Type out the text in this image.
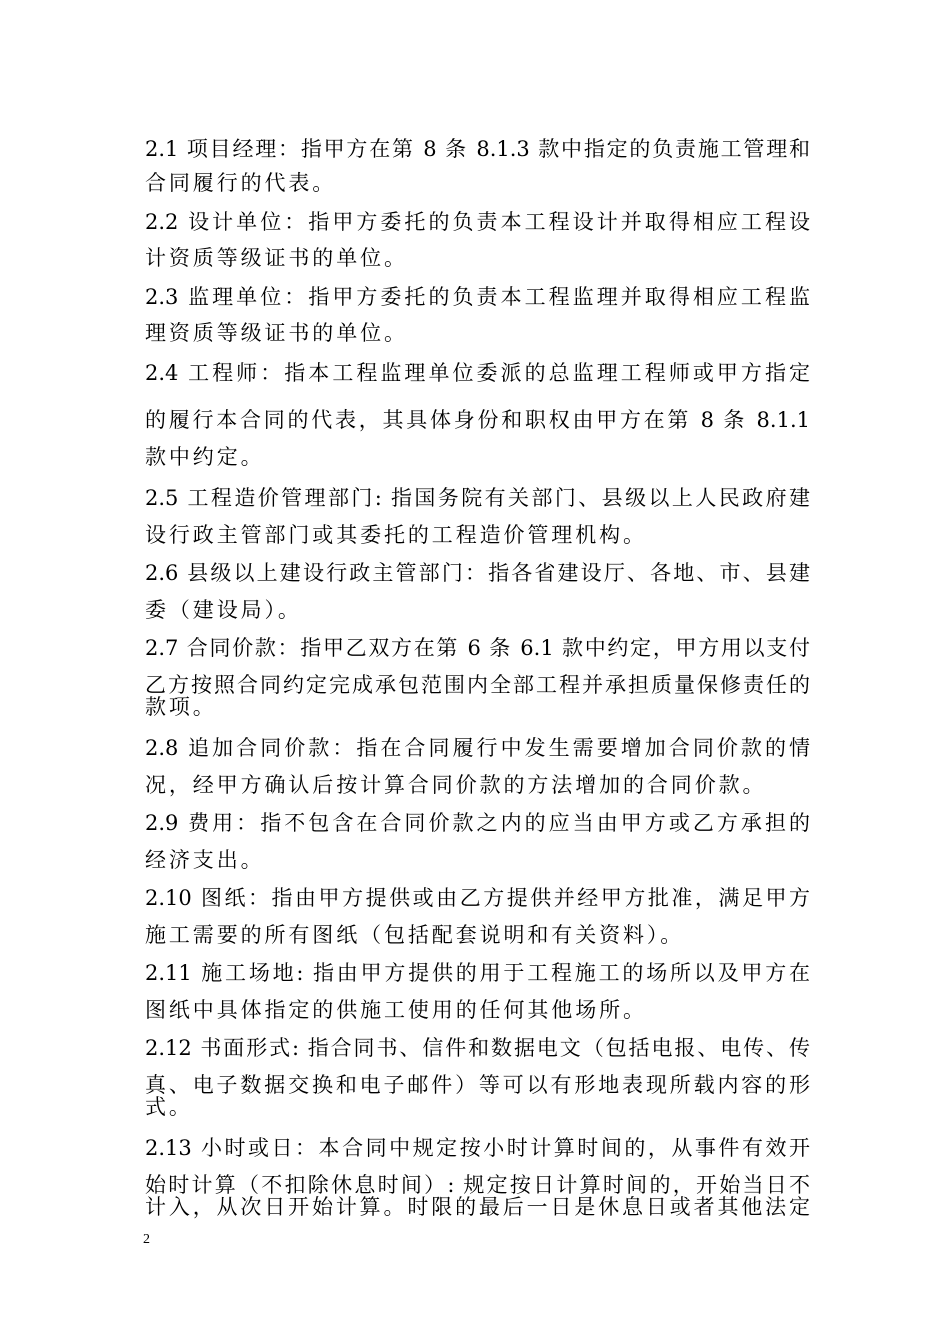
2.1 项目经理：指甲方在第 8 条 8.1.3 款中指定的负责施工管理和
合同履行的代表。
2.2 设计单位：指甲方委托的负责本工程设计并取得相应工程设
计资质等级证书的单位。
2.3 监理单位：指甲方委托的负责本工程监理并取得相应工程监
理资质等级证书的单位。
2.4 工程师：指本工程监理单位委派的总监理工程师或甲方指定
的履行本合同的代表，其具体身份和职权由甲方在第 8 条 8.1.1
款中约定。
2.5 工程造价管理部门: 指国务院有关部门、县级以上人民政府建
设行政主管部门或其委托的工程造价管理机构。
2.6 县级以上建设行政主管部门：指各省建设厅、各地、市、县建
委（建设局）。
2.7 合同价款：指甲乙双方在第 6 条 6.1 款中约定，甲方用以支付
乙方按照合同约定完成承包范围内全部工程并承担质量保修责任的
款项。
2.8 追加合同价款：指在合同履行中发生需要增加合同价款的情
况，经甲方确认后按计算合同价款的方法增加的合同价款。
2.9 费用：指不包含在合同价款之内的应当由甲方或乙方承担的
经济支出。
2.10 图纸：指由甲方提供或由乙方提供并经甲方批准，满足甲方
施工需要的所有图纸（包括配套说明和有关资料）。
2.11 施工场地: 指由甲方提供的用于工程施工的场所以及甲方在
图纸中具体指定的供施工使用的任何其他场所。
2.12 书面形式: 指合同书、信件和数据电文（包括电报、电传、传
真、电子数据交换和电子邮件）等可以有形地表现所载内容的形
式。
2.13 小时或日：本合同中规定按小时计算时间的，从事件有效开
始时计算（不扣除休息时间）: 规定按日计算时间的，开始当日不
计入，从次日开始计算。时限的最后一日是休息日或者其他法定
2
